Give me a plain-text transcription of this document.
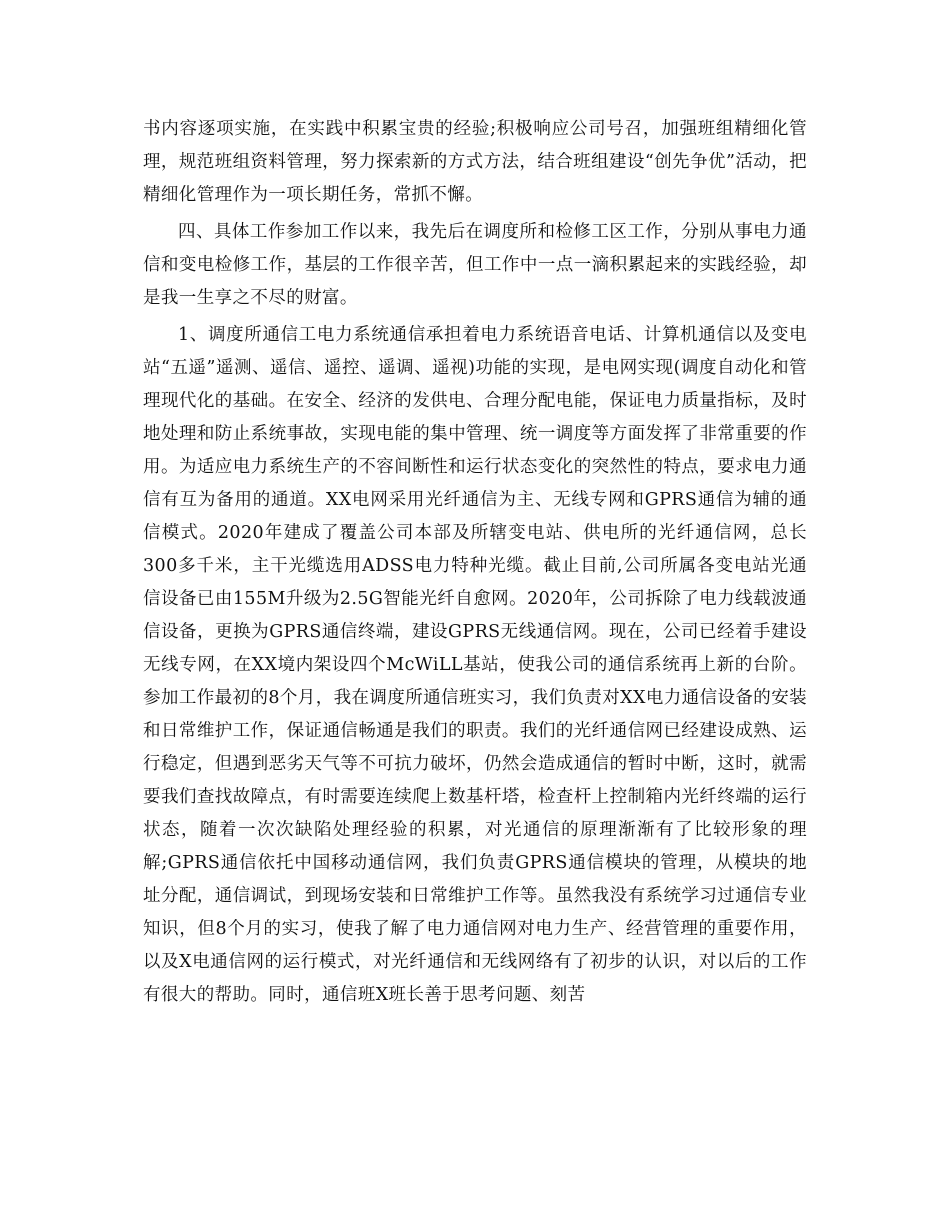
书内容逐项实施，在实践中积累宝贵的经验;积极响应公司号召，加强班组精细化管理，规范班组资料管理，努力探索新的方式方法，结合班组建设“创先争优”活动，把精细化管理作为一项长期任务，常抓不懈。

四、具体工作参加工作以来，我先后在调度所和检修工区工作，分别从事电力通信和变电检修工作，基层的工作很辛苦，但工作中一点一滴积累起来的实践经验，却是我一生享之不尽的财富。

1、调度所通信工电力系统通信承担着电力系统语音电话、计算机通信以及变电站“五遥”遥测、遥信、遥控、遥调、遥视)功能的实现，是电网实现(调度自动化和管理现代化的基础。在安全、经济的发供电、合理分配电能，保证电力质量指标，及时地处理和防止系统事故，实现电能的集中管理、统一调度等方面发挥了非常重要的作用。为适应电力系统生产的不容间断性和运行状态变化的突然性的特点，要求电力通信有互为备用的通道。XX电网采用光纤通信为主、无线专网和GPRS通信为辅的通信模式。2020年建成了覆盖公司本部及所辖变电站、供电所的光纤通信网，总长300多千米，主干光缆选用ADSS电力特种光缆。截止目前,公司所属各变电站光通信设备已由155M升级为2.5G智能光纤自愈网。2020年，公司拆除了电力线载波通信设备，更换为GPRS通信终端，建设GPRS无线通信网。现在，公司已经着手建设无线专网，在XX境内架设四个McWiLL基站，使我公司的通信系统再上新的台阶。参加工作最初的8个月，我在调度所通信班实习，我们负责对XX电力通信设备的安装和日常维护工作，保证通信畅通是我们的职责。我们的光纤通信网已经建设成熟、运行稳定，但遇到恶劣天气等不可抗力破坏，仍然会造成通信的暂时中断，这时，就需要我们查找故障点，有时需要连续爬上数基杆塔，检查杆上控制箱内光纤终端的运行状态，随着一次次缺陷处理经验的积累，对光通信的原理渐渐有了比较形象的理解;GPRS通信依托中国移动通信网，我们负责GPRS通信模块的管理，从模块的地址分配，通信调试，到现场安装和日常维护工作等。虽然我没有系统学习过通信专业知识，但8个月的实习，使我了解了电力通信网对电力生产、经营管理的重要作用，以及X电通信网的运行模式，对光纤通信和无线网络有了初步的认识，对以后的工作有很大的帮助。同时，通信班X班长善于思考问题、刻苦
